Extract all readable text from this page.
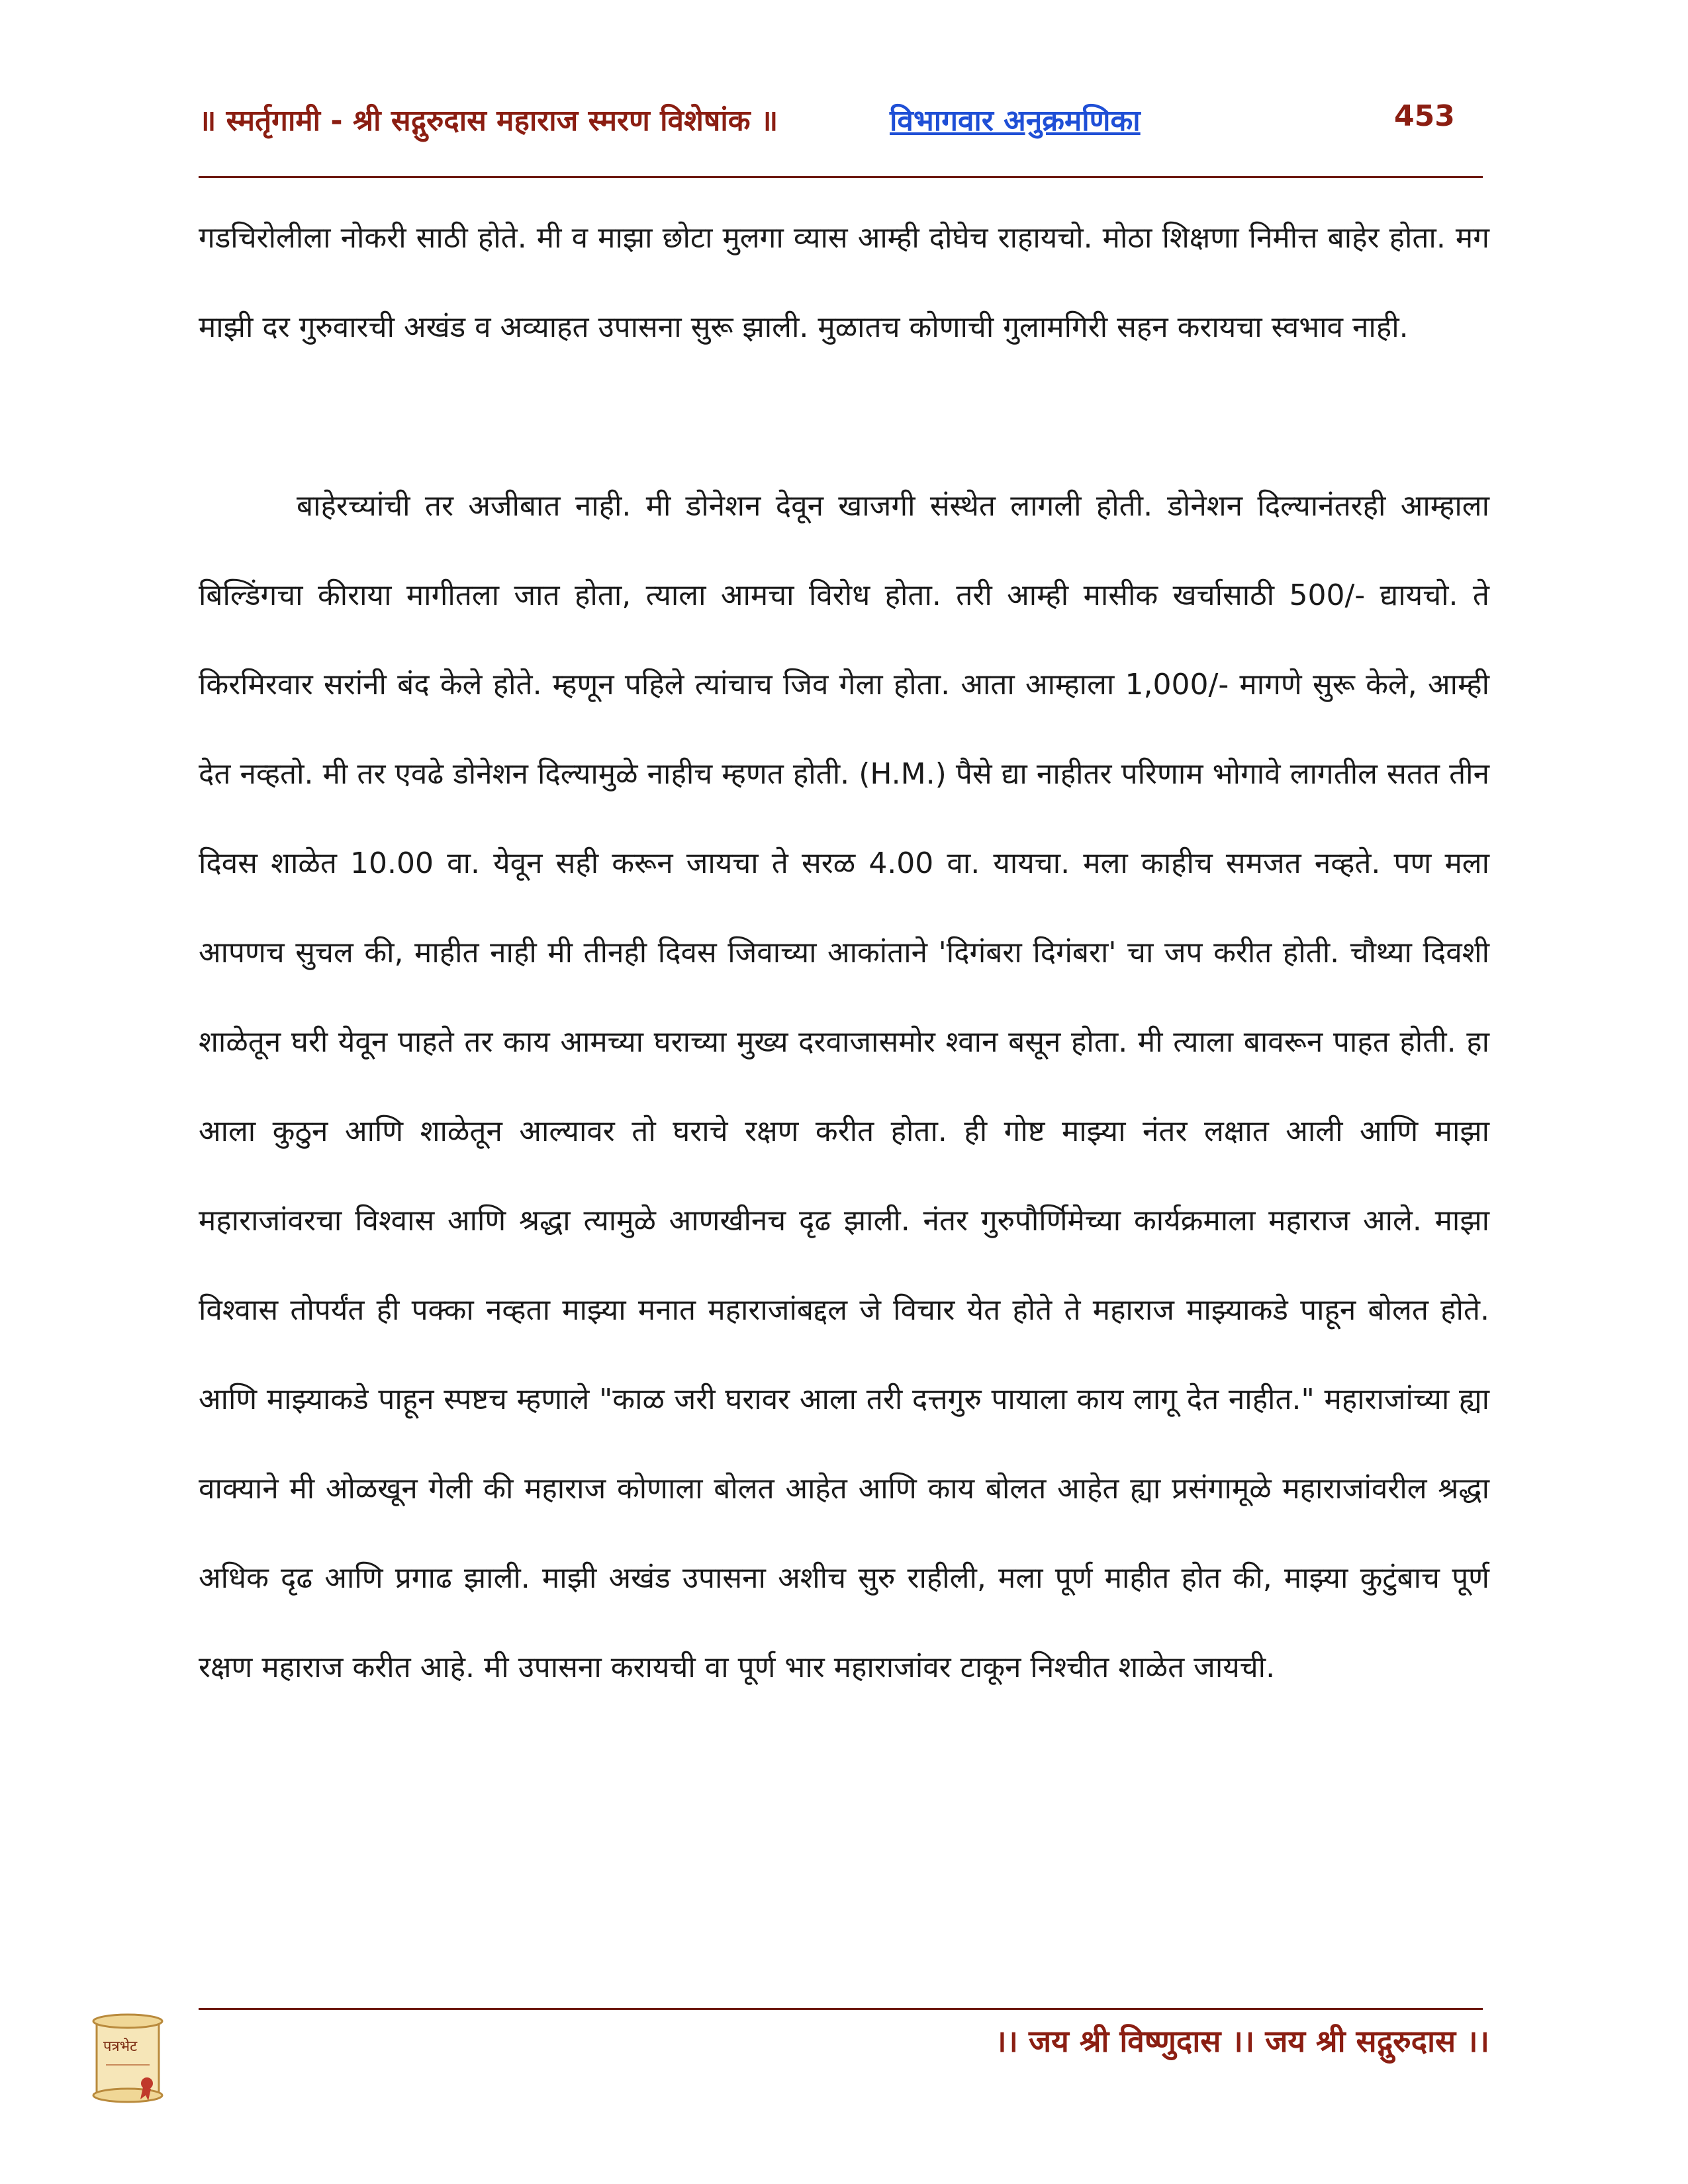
॥ स्मर्तृगामी - श्री सद्गुरुदास महाराज स्मरण विशेषांक ॥	विभागवार अनुक्रमणिका	453

गडचिरोलीला नोकरी साठी होते. मी व माझा छोटा मुलगा व्यास आम्ही दोघेच राहायचो. मोठा शिक्षणा निमीत्त बाहेर होता. मग माझी दर गुरुवारची अखंड व अव्याहत उपासना सुरू झाली. मुळातच कोणाची गुलामगिरी सहन करायचा स्वभाव नाही.

बाहेरच्यांची तर अजीबात नाही. मी डोनेशन देवून खाजगी संस्थेत लागली होती. डोनेशन दिल्यानंतरही आम्हाला बिल्डिंगचा कीराया मागीतला जात होता, त्याला आमचा विरोध होता. तरी आम्ही मासीक खर्चासाठी 500/- द्यायचो. ते किरमिरवार सरांनी बंद केले होते. म्हणून पहिले त्यांचाच जिव गेला होता. आता आम्हाला 1,000/- मागणे सुरू केले, आम्ही देत नव्हतो. मी तर एवढे डोनेशन दिल्यामुळे नाहीच म्हणत होती. (H.M.) पैसे द्या नाहीतर परिणाम भोगावे लागतील सतत तीन दिवस शाळेत 10.00 वा. येवून सही करून जायचा ते सरळ 4.00 वा. यायचा. मला काहीच समजत नव्हते. पण मला आपणच सुचल की, माहीत नाही मी तीनही दिवस जिवाच्या आकांताने 'दिगंबरा दिगंबरा' चा जप करीत होती. चौथ्या दिवशी शाळेतून घरी येवून पाहते तर काय आमच्या घराच्या मुख्य दरवाजासमोर श्वान बसून होता. मी त्याला बावरून पाहत होती. हा आला कुठुन आणि शाळेतून आल्यावर तो घराचे रक्षण करीत होता. ही गोष्ट माझ्या नंतर लक्षात आली आणि माझा महाराजांवरचा विश्वास आणि श्रद्धा त्यामुळे आणखीनच दृढ झाली. नंतर गुरुपौर्णिमेच्या कार्यक्रमाला महाराज आले. माझा विश्वास तोपर्यंत ही पक्का नव्हता माझ्या मनात महाराजांबद्दल जे विचार येत होते ते महाराज माझ्याकडे पाहून बोलत होते. आणि माझ्याकडे पाहून स्पष्टच म्हणाले "काळ जरी घरावर आला तरी दत्तगुरु पायाला काय लागू देत नाहीत." महाराजांच्या ह्या वाक्याने मी ओळखून गेली की महाराज कोणाला बोलत आहेत आणि काय बोलत आहेत ह्या प्रसंगामूळे महाराजांवरील श्रद्धा अधिक दृढ आणि प्रगाढ झाली. माझी अखंड उपासना अशीच सुरु राहीली, मला पूर्ण माहीत होत की, माझ्या कुटुंबाच पूर्ण रक्षण महाराज करीत आहे. मी उपासना करायची वा पूर्ण भार महाराजांवर टाकून निश्चीत शाळेत जायची.

पत्रभेट	।। जय श्री विष्णुदास ।। जय श्री सद्गुरुदास ।।
